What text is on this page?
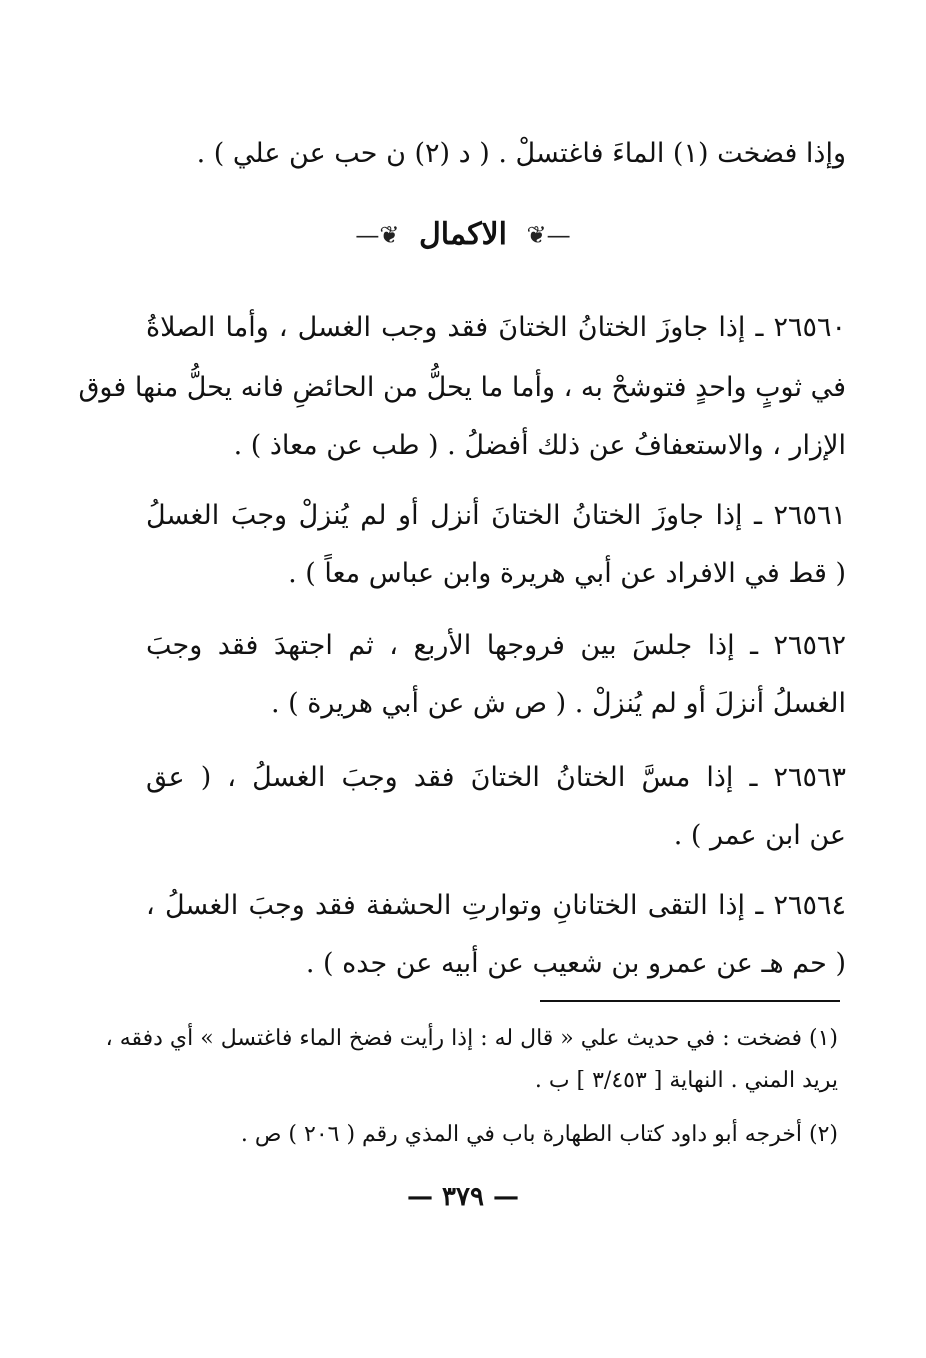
وإذا فضخت (١) الماءَ فاغتسلْ . ( د (٢) ن حب عن علي ) .
—❦ الاكمال ❦—
٢٦٥٦٠ ـ إذا جاوزَ الختانُ الختانَ فقد وجب الغسل ، وأما الصلاةُ
في ثوبٍ واحدٍ فتوشحْ به ، وأما ما يحلُّ من الحائضِ فانه يحلُّ منها فوق
الإزار ، والاستعفافُ عن ذلك أفضلُ . ( طب عن معاذ ) .
٢٦٥٦١ ـ إذا جاوزَ الختانُ الختانَ أنزل أو لم يُنزلْ وجبَ الغسلُ
( قط في الافراد عن أبي هريرة وابن عباس معاً ) .
٢٦٥٦٢ ـ إذا جلسَ بين فروجها الأربع ، ثم اجتهدَ فقد وجبَ
الغسلُ أنزلَ أو لم يُنزلْ . ( ص ش عن أبي هريرة ) .
٢٦٥٦٣ ـ إذا مسَّ الختانُ الختانَ فقد وجبَ الغسلُ ، ( عق
عن ابن عمر ) .
٢٦٥٦٤ ـ إذا التقى الختانانِ وتوارتِ الحشفة فقد وجبَ الغسلُ ،
( حم هـ عن عمرو بن شعيب عن أبيه عن جده ) .
(١) فضخت : في حديث علي « قال له : إذا رأيت فضخ الماء فاغتسل » أي دفقه ،
يريد المني . النهاية [ ٣/٤٥٣ ] ب .
(٢) أخرجه أبو داود كتاب الطهارة باب في المذي رقم ( ٢٠٦ ) ص .
— ٣٧٩ —
